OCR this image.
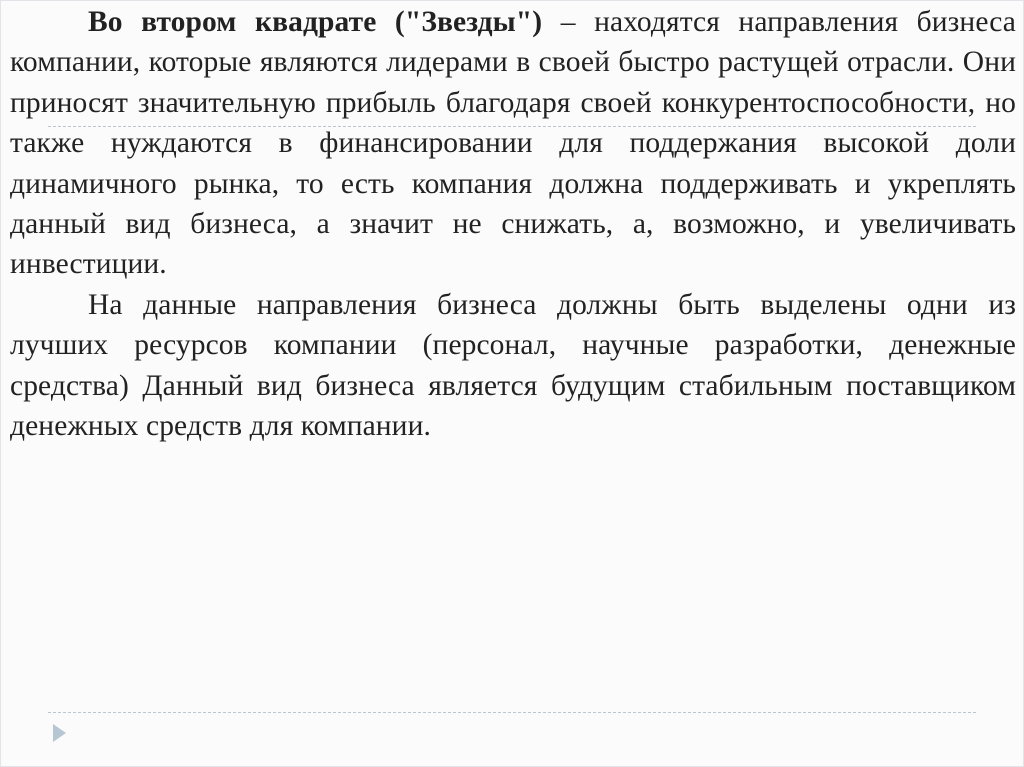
Во втором квадрате ("Звезды") – находятся направления бизнеса компании, которые являются лидерами в своей быстро растущей отрасли. Они приносят значительную прибыль благодаря своей конкурентоспособности, но также нуждаются в финансировании для поддержания высокой доли динамичного рынка, то есть компания должна поддерживать и укреплять данный вид бизнеса, а значит не снижать, а, возможно, и увеличивать инвестиции.

На данные направления бизнеса должны быть выделены одни из лучших ресурсов компании (персонал, научные разработки, денежные средства) Данный вид бизнеса является будущим стабильным поставщиком денежных средств для компании.
